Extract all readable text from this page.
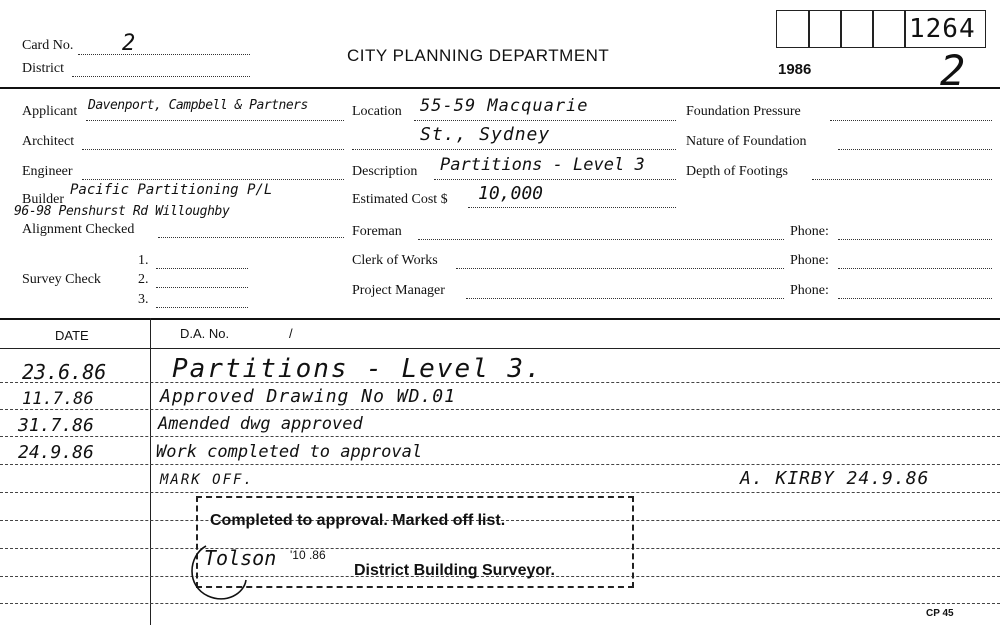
Card No. 2
District
CITY PLANNING DEPARTMENT
1986
1264
2
Applicant Davenport, Campbell & Partners
Architect
Engineer
Builder
Pacific Partitioning P/L
96-98 Penshurst Rd Willoughby
Alignment Checked
Survey Check
1.
2.
3.
Location 55-59 Macquarie
St., Sydney
Description Partitions - Level 3
Estimated Cost $ 10,000
Foreman	Phone:
Clerk of Works	Phone:
Project Manager	Phone:
Foundation Pressure
Nature of Foundation
Depth of Footings
DATE	D.A. No.	/
23.6.86	Partitions - Level 3.
11.7.86	Approved Drawing No WD.01
31.7.86	Amended dwg approved
24.9.86	Work completed to approval
MARK OFF.	A. KIRBY 24.9.86
Completed to approval. Marked off list.
Tolson '10 .86
District Building Surveyor.
CP 45
